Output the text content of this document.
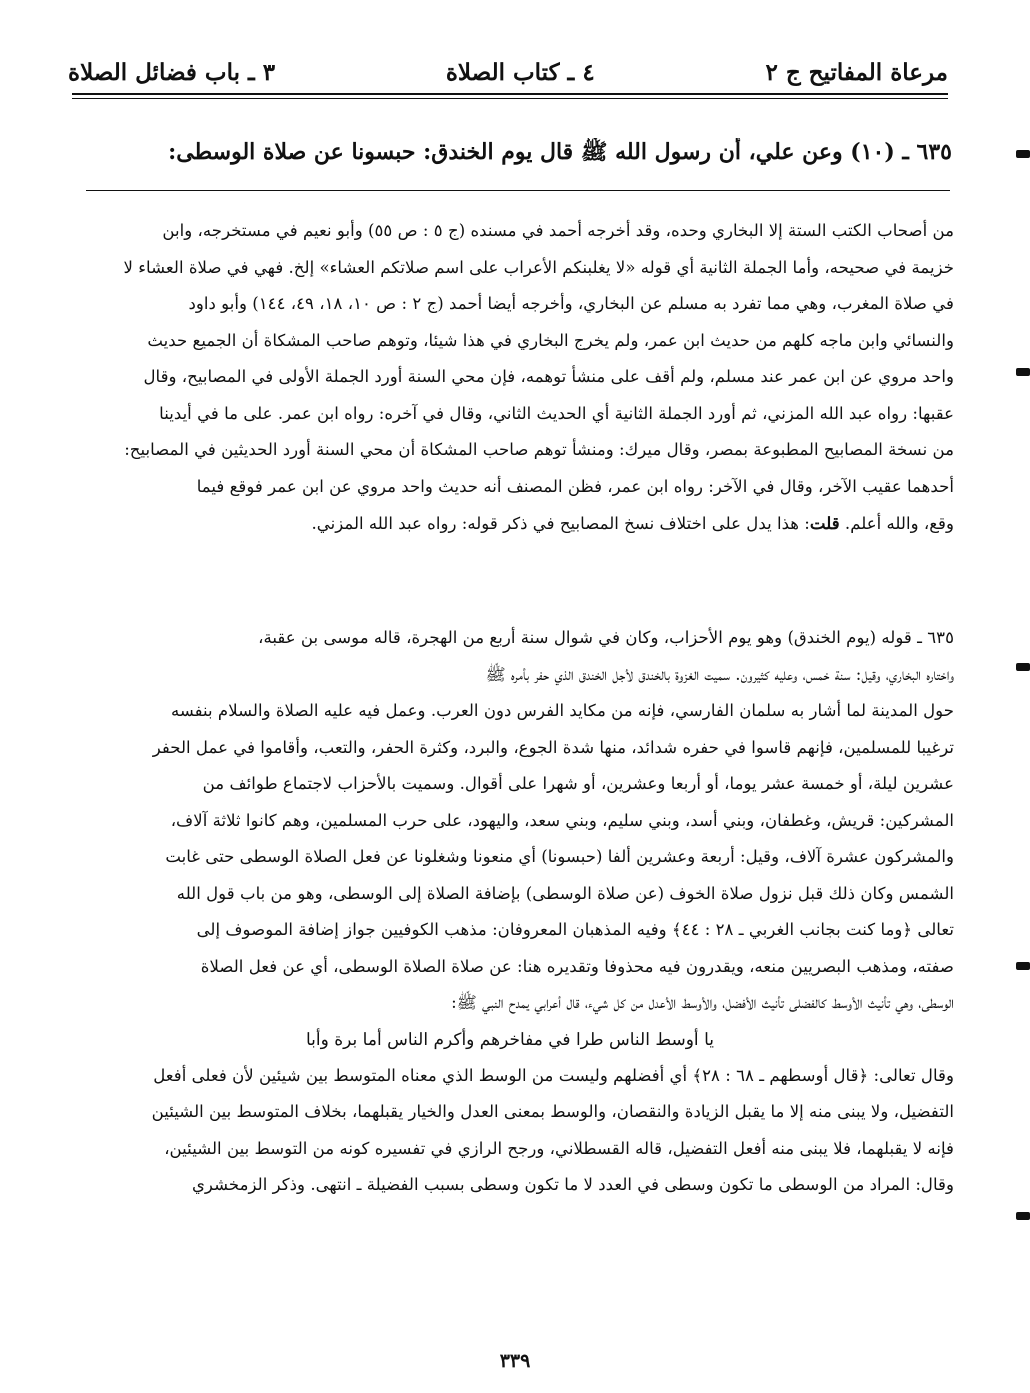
مرعاة المفاتيح ج ٢
٤ ـ كتاب الصلاة
٣ ـ باب فضائل الصلاة
٦٣٥ ـ (١٠) وعن علي، أن رسول الله ﷺ قال يوم الخندق: حبسونا عن صلاة الوسطى:

من أصحاب الكتب الستة إلا البخاري وحده، وقد أخرجه أحمد في مسنده (ج ٥ : ص ٥٥) وأبو نعيم في مستخرجه، وابن

خزيمة في صحيحه، وأما الجملة الثانية أي قوله «لا يغلبنكم الأعراب على اسم صلاتكم العشاء» إلخ. فهي في صلاة العشاء لا

في صلاة المغرب، وهي مما تفرد به مسلم عن البخاري، وأخرجه أيضا أحمد (ج ٢ : ص ١٠، ١٨، ٤٩، ١٤٤) وأبو داود

والنسائي وابن ماجه كلهم من حديث ابن عمر، ولم يخرج البخاري في هذا شيئا، وتوهم صاحب المشكاة أن الجميع حديث

واحد مروي عن ابن عمر عند مسلم، ولم أقف على منشأ توهمه، فإن محي السنة أورد الجملة الأولى في المصابيح، وقال

عقبها: رواه عبد الله المزني، ثم أورد الجملة الثانية أي الحديث الثاني، وقال في آخره: رواه ابن عمر. على ما في أيدينا

من نسخة المصابيح المطبوعة بمصر، وقال ميرك: ومنشأ توهم صاحب المشكاة أن محي السنة أورد الحديثين في المصابيح:

أحدهما عقيب الآخر، وقال في الآخر: رواه ابن عمر، فظن المصنف أنه حديث واحد مروي عن ابن عمر فوقع فيما

وقع، والله أعلم. قلت: هذا يدل على اختلاف نسخ المصابيح في ذكر قوله: رواه عبد الله المزني.

٦٣٥ ـ قوله (يوم الخندق) وهو يوم الأحزاب، وكان في شوال سنة أربع من الهجرة، قاله موسى بن عقبة،

واختاره البخاري، وقيل: سنة خمس، وعليه كثيرون. سميت الغزوة بالخندق لأجل الخندق الذي حفر بأمره ﷺ

حول المدينة لما أشار به سلمان الفارسي، فإنه من مكايد الفرس دون العرب. وعمل فيه عليه الصلاة والسلام بنفسه

ترغيبا للمسلمين، فإنهم قاسوا في حفره شدائد، منها شدة الجوع، والبرد، وكثرة الحفر، والتعب، وأقاموا في عمل الحفر

عشرين ليلة، أو خمسة عشر يوما، أو أربعا وعشرين، أو شهرا على أقوال. وسميت بالأحزاب لاجتماع طوائف من

المشركين: قريش، وغطفان، وبني أسد، وبني سليم، وبني سعد، واليهود، على حرب المسلمين، وهم كانوا ثلاثة آلاف،

والمشركون عشرة آلاف، وقيل: أربعة وعشرين ألفا (حبسونا) أي منعونا وشغلونا عن فعل الصلاة الوسطى حتى غابت

الشمس وكان ذلك قبل نزول صلاة الخوف (عن صلاة الوسطى) بإضافة الصلاة إلى الوسطى، وهو من باب قول الله

تعالى ﴿وما كنت بجانب الغربي ـ ٢٨ : ٤٤﴾ وفيه المذهبان المعروفان: مذهب الكوفيين جواز إضافة الموصوف إلى

صفته، ومذهب البصريين منعه، ويقدرون فيه محذوفا وتقديره هنا: عن صلاة الصلاة الوسطى، أي عن فعل الصلاة

الوسطى، وهي تأنيث الأوسط كالفضلى تأنيث الأفضل، والأوسط الأعدل من كل شيء، قال أعرابي يمدح النبي ﷺ:

يا أوسط الناس طرا في مفاخرهم وأكرم الناس أما برة وأبا

وقال تعالى: ﴿قال أوسطهم ـ ٦٨ : ٢٨﴾ أي أفضلهم وليست من الوسط الذي معناه المتوسط بين شيئين لأن فعلى أفعل

التفضيل، ولا يبنى منه إلا ما يقبل الزيادة والنقصان، والوسط بمعنى العدل والخيار يقبلهما، بخلاف المتوسط بين الشيئين

فإنه لا يقبلهما، فلا يبنى منه أفعل التفضيل، قاله القسطلاني، ورجح الرازي في تفسيره كونه من التوسط بين الشيئين،

وقال: المراد من الوسطى ما تكون وسطى في العدد لا ما تكون وسطى بسبب الفضيلة ـ انتهى. وذكر الزمخشري

٣٣٩
